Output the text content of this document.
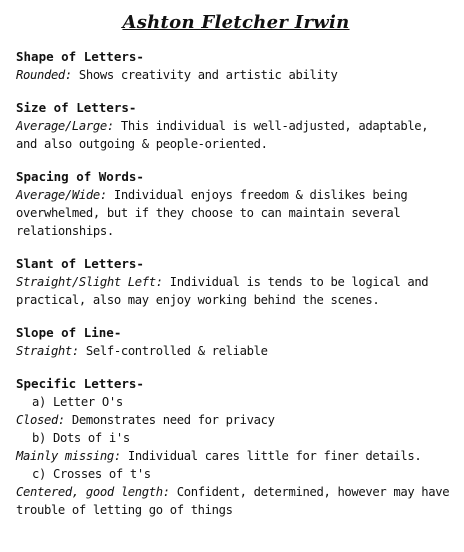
Ashton Fletcher Irwin
Shape of Letters-
Rounded: Shows creativity and artistic ability
Size of Letters-
Average/Large: This individual is well-adjusted, adaptable, and also outgoing & people-oriented.
Spacing of Words-
Average/Wide: Individual enjoys freedom & dislikes being overwhelmed, but if they choose to can maintain several relationships.
Slant of Letters-
Straight/Slight Left: Individual is tends to be logical and practical, also may enjoy working behind the scenes.
Slope of Line-
Straight: Self-controlled & reliable
Specific Letters-
a) Letter O's
Closed: Demonstrates need for privacy
b) Dots of i's
Mainly missing: Individual cares little for finer details.
c) Crosses of t's
Centered, good length: Confident, determined, however may have trouble of letting go of things
